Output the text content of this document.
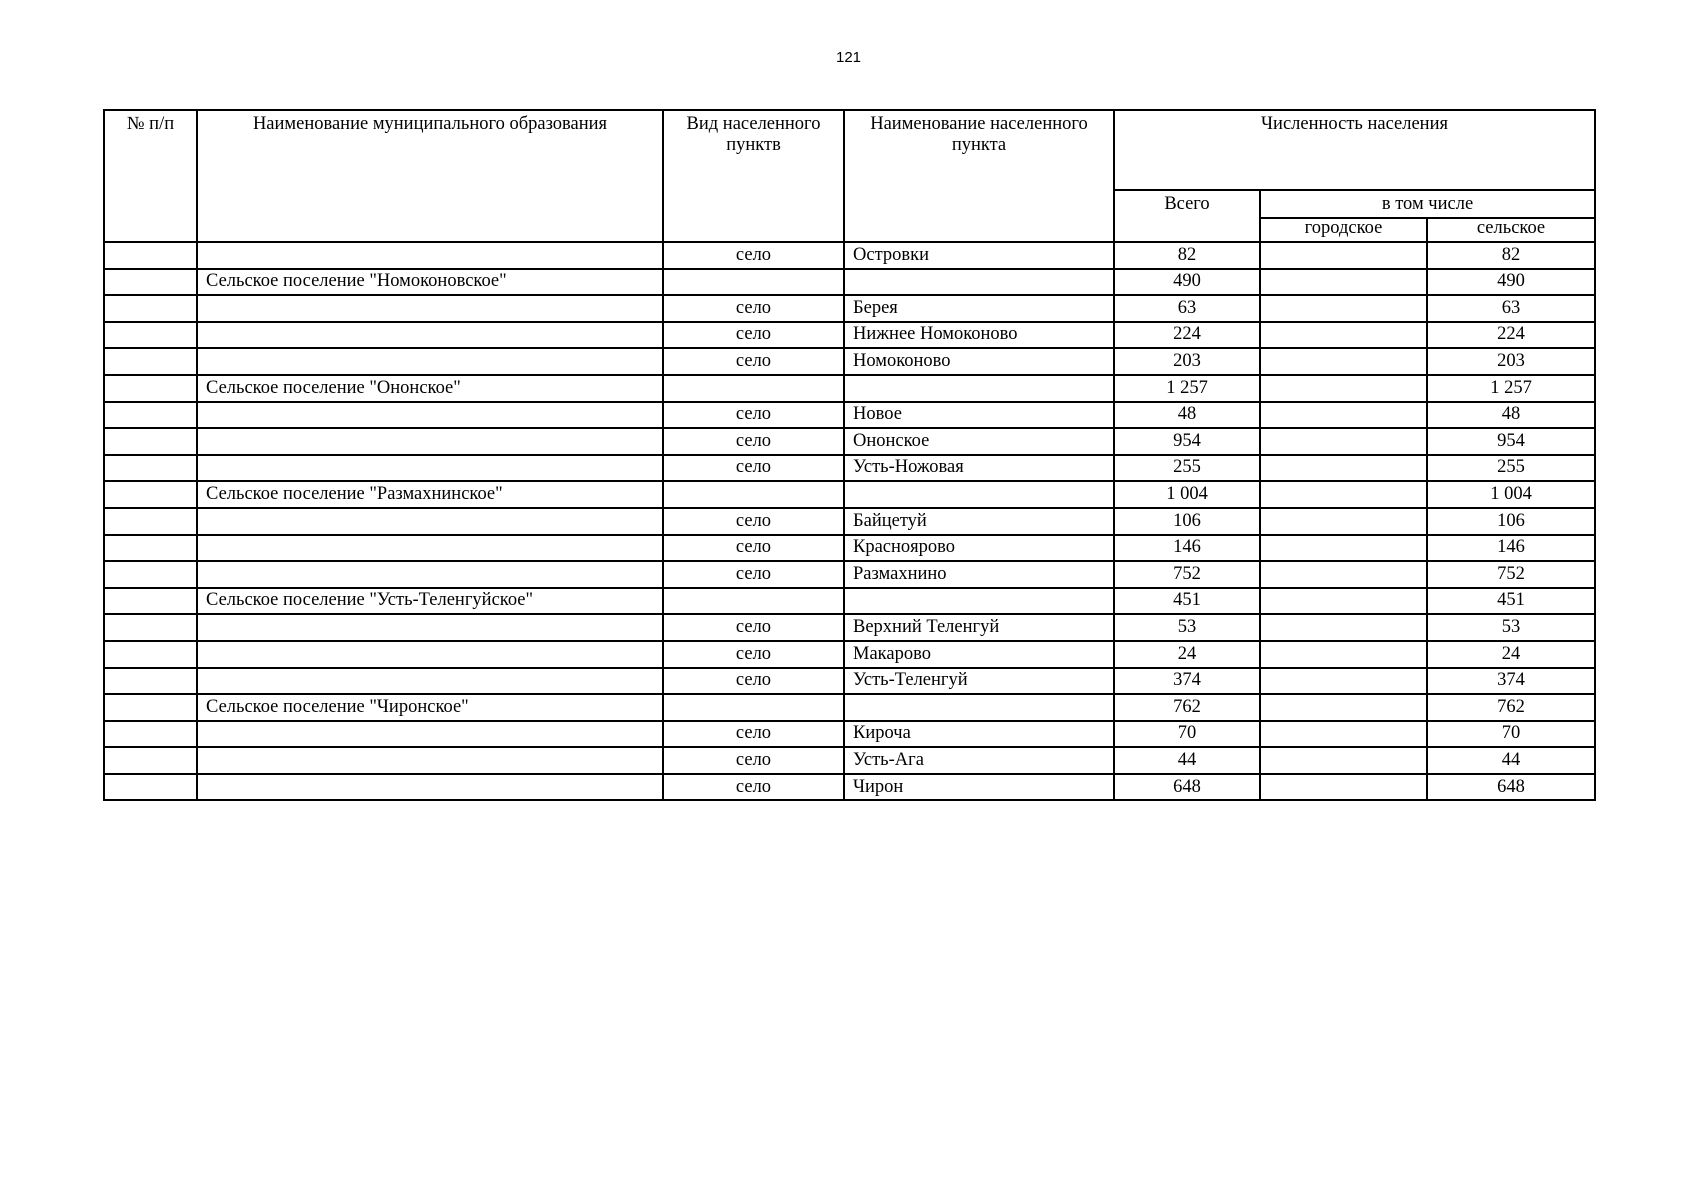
121
№ п/п	Наименование муниципального образования	Вид населенного пунктв	Наименование населенного пункта	Численность населения		
				Всего	в том числе	
					городское	сельское
		село	Островки	82		82
	Сельское поселение "Номоконовское"			490		490
		село	Берея	63		63
		село	Нижнее Номоконово	224		224
		село	Номоконово	203		203
	Сельское поселение "Ононское"			1 257		1 257
		село	Новое	48		48
		село	Ононское	954		954
		село	Усть-Ножовая	255		255
	Сельское поселение "Размахнинское"			1 004		1 004
		село	Байцетуй	106		106
		село	Краснoярово	146		146
		село	Размахнино	752		752
	Сельское поселение "Усть-Теленгуйское"			451		451
		село	Верхний Теленгуй	53		53
		село	Макарово	24		24
		село	Усть-Теленгуй	374		374
	Сельское поселение "Чиронское"			762		762
		село	Кироча	70		70
		село	Усть-Ага	44		44
		село	Чирон	648		648
